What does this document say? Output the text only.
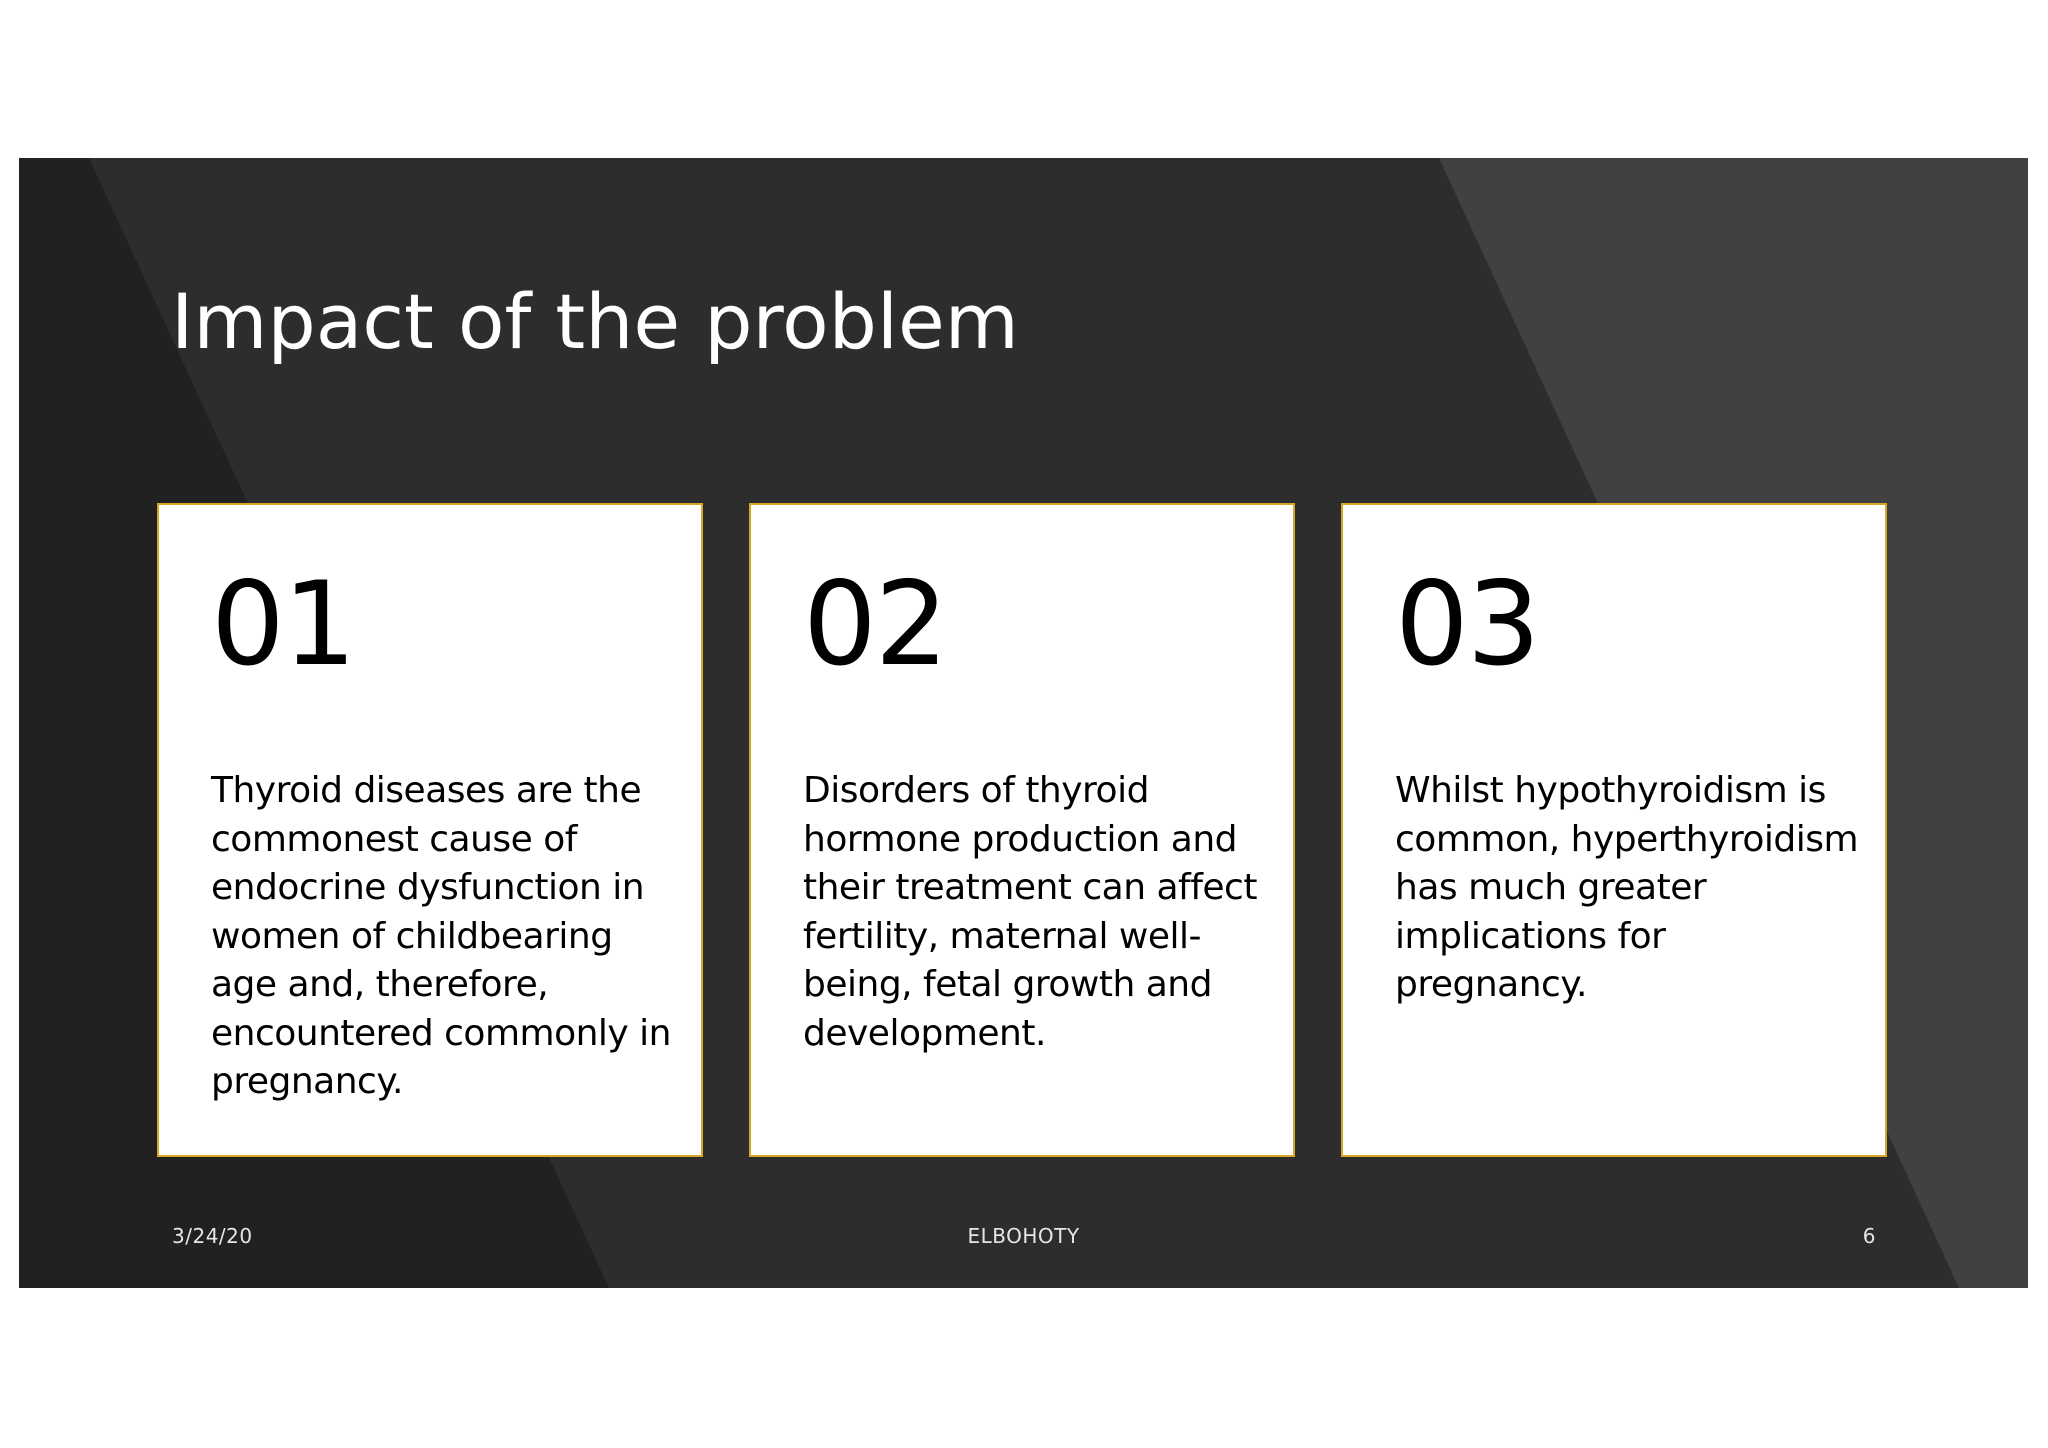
Impact of the problem
01

Thyroid diseases are the commonest cause of endocrine dysfunction in women of childbearing age and, therefore, encountered commonly in pregnancy.

02

Disorders of thyroid hormone production and their treatment can affect fertility, maternal well-being, fetal growth and development.

03

Whilst hypothyroidism is common, hyperthyroidism has much greater implications for pregnancy.

3/24/20	ELBOHOTY	6
